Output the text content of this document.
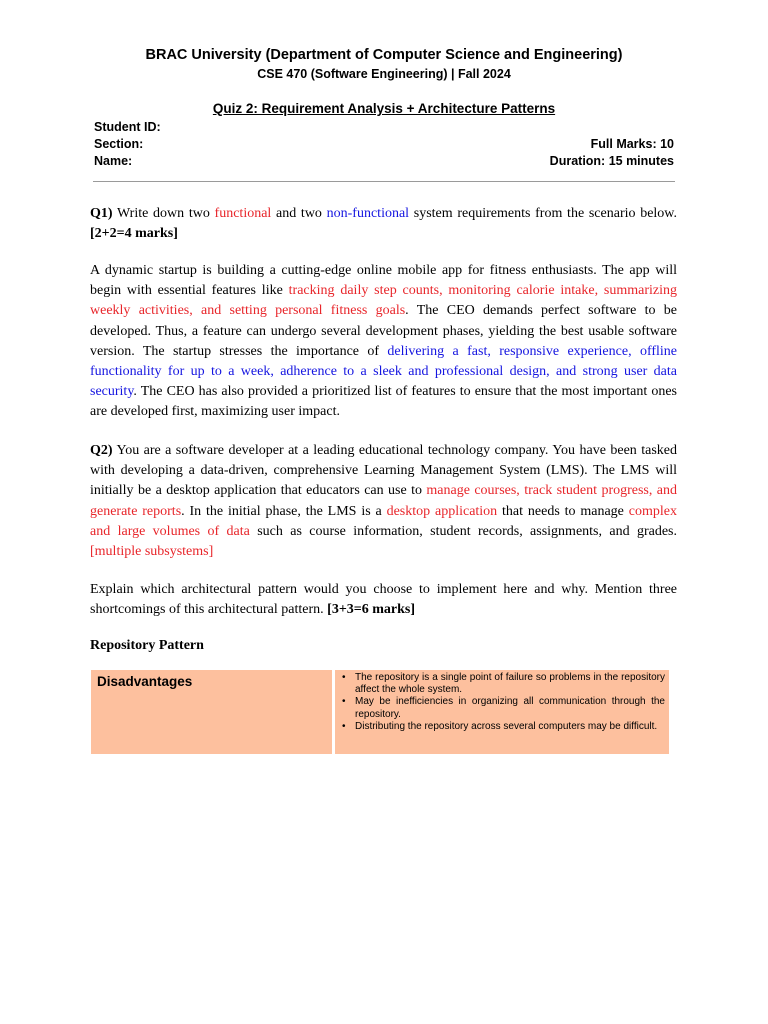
BRAC University (Department of Computer Science and Engineering)
CSE 470 (Software Engineering) | Fall 2024
Quiz 2: Requirement Analysis + Architecture Patterns
Student ID:
Section:
Name:
Full Marks: 10
Duration: 15 minutes
Q1) Write down two functional and two non-functional system requirements from the scenario below. [2+2=4 marks]
A dynamic startup is building a cutting-edge online mobile app for fitness enthusiasts. The app will begin with essential features like tracking daily step counts, monitoring calorie intake, summarizing weekly activities, and setting personal fitness goals. The CEO demands perfect software to be developed. Thus, a feature can undergo several development phases, yielding the best usable software version. The startup stresses the importance of delivering a fast, responsive experience, offline functionality for up to a week, adherence to a sleek and professional design, and strong user data security. The CEO has also provided a prioritized list of features to ensure that the most important ones are developed first, maximizing user impact.
Q2) You are a software developer at a leading educational technology company. You have been tasked with developing a data-driven, comprehensive Learning Management System (LMS). The LMS will initially be a desktop application that educators can use to manage courses, track student progress, and generate reports. In the initial phase, the LMS is a desktop application that needs to manage complex and large volumes of data such as course information, student records, assignments, and grades. [multiple subsystems]
Explain which architectural pattern would you choose to implement here and why. Mention three shortcomings of this architectural pattern. [3+3=6 marks]
Repository Pattern
Disadvantages
•	The repository is a single point of failure so problems in the repository affect the whole system.
• May be inefficiencies in organizing all communication through the repository.
• Distributing the repository across several computers may be difficult.
